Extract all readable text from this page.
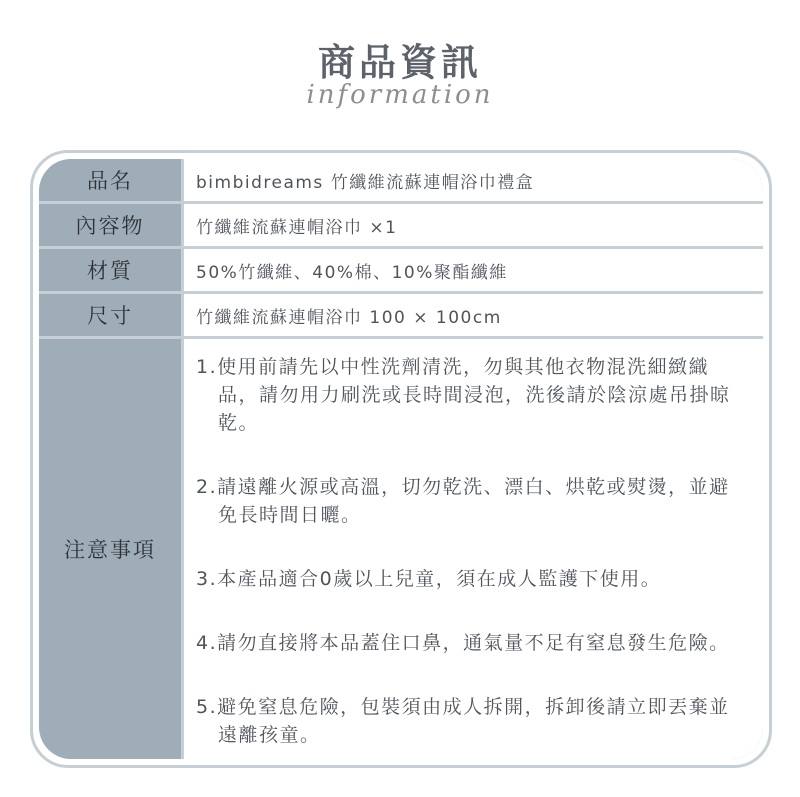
商品資訊
information
品名	bimbidreams 竹纖維流蘇連帽浴巾禮盒
內容物	竹纖維流蘇連帽浴巾 ×1
材質	50%竹纖維、40%棉、10%聚酯纖維
尺寸	竹纖維流蘇連帽浴巾 100 × 100cm
注意事項

1.使用前請先以中性洗劑清洗，勿與其他衣物混洗細緻織品，請勿用力刷洗或長時間浸泡，洗後請於陰涼處吊掛晾乾。

2.請遠離火源或高溫，切勿乾洗、漂白、烘乾或熨燙，並避免長時間日曬。

3.本產品適合0歲以上兒童，須在成人監護下使用。

4.請勿直接將本品蓋住口鼻，通氣量不足有窒息發生危險。

5.避免窒息危險，包裝須由成人拆開，拆卸後請立即丟棄並遠離孩童。
